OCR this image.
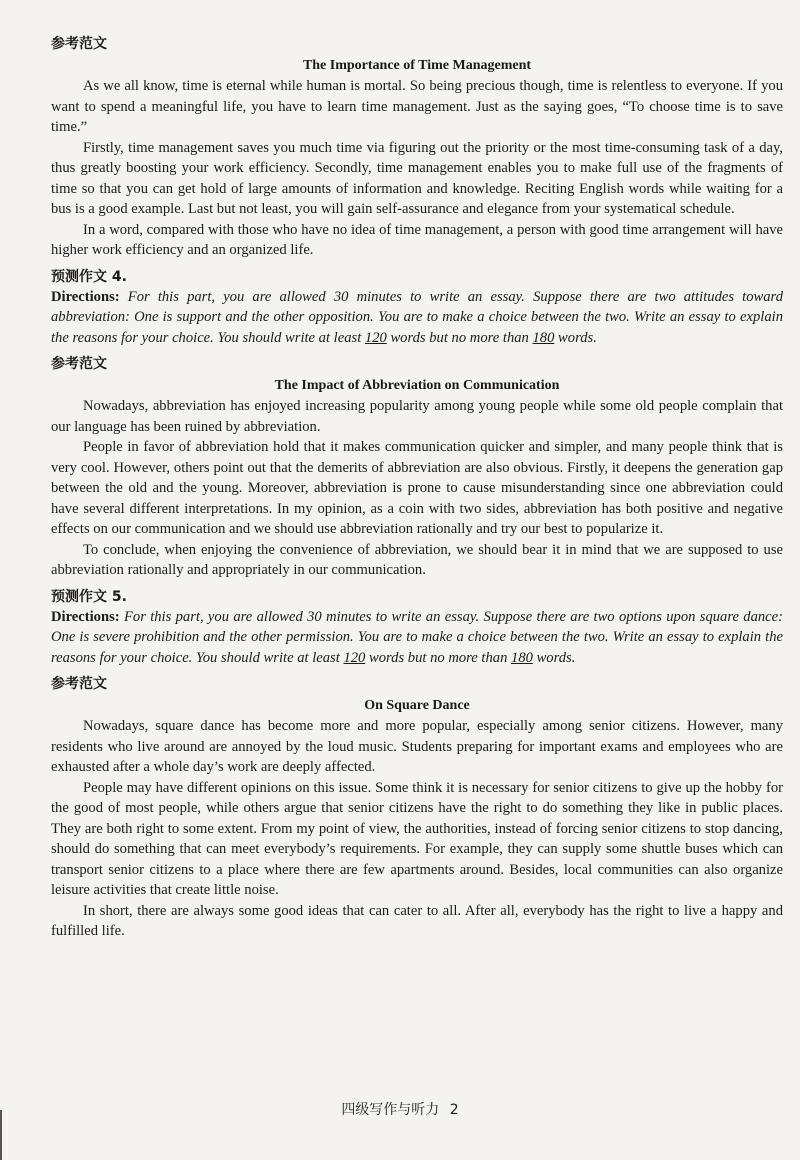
参考范文

The Importance of Time Management

As we all know, time is eternal while human is mortal. So being precious though, time is relentless to everyone. If you want to spend a meaningful life, you have to learn time management. Just as the saying goes, “To choose time is to save time.”

Firstly, time management saves you much time via figuring out the priority or the most time-consuming task of a day, thus greatly boosting your work efficiency. Secondly, time management enables you to make full use of the fragments of time so that you can get hold of large amounts of information and knowledge. Reciting English words while waiting for a bus is a good example. Last but not least, you will gain self-assurance and elegance from your systematical schedule.

In a word, compared with those who have no idea of time management, a person with good time arrangement will have higher work efficiency and an organized life.

预测作文 4.

Directions: For this part, you are allowed 30 minutes to write an essay. Suppose there are two attitudes toward abbreviation: One is support and the other opposition. You are to make a choice between the two. Write an essay to explain the reasons for your choice. You should write at least 120 words but no more than 180 words.

参考范文

The Impact of Abbreviation on Communication

Nowadays, abbreviation has enjoyed increasing popularity among young people while some old people complain that our language has been ruined by abbreviation.

People in favor of abbreviation hold that it makes communication quicker and simpler, and many people think that is very cool. However, others point out that the demerits of abbreviation are also obvious. Firstly, it deepens the generation gap between the old and the young. Moreover, abbreviation is prone to cause misunderstanding since one abbreviation could have several different interpretations. In my opinion, as a coin with two sides, abbreviation has both positive and negative effects on our communication and we should use abbreviation rationally and try our best to popularize it.

To conclude, when enjoying the convenience of abbreviation, we should bear it in mind that we are supposed to use abbreviation rationally and appropriately in our communication.

预测作文 5.

Directions: For this part, you are allowed 30 minutes to write an essay. Suppose there are two options upon square dance: One is severe prohibition and the other permission. You are to make a choice between the two. Write an essay to explain the reasons for your choice. You should write at least 120 words but no more than 180 words.

参考范文

On Square Dance

Nowadays, square dance has become more and more popular, especially among senior citizens. However, many residents who live around are annoyed by the loud music. Students preparing for important exams and employees who are exhausted after a whole day’s work are deeply affected.

People may have different opinions on this issue. Some think it is necessary for senior citizens to give up the hobby for the good of most people, while others argue that senior citizens have the right to do something they like in public places. They are both right to some extent. From my point of view, the authorities, instead of forcing senior citizens to stop dancing, should do something that can meet everybody’s requirements. For example, they can supply some shuttle buses which can transport senior citizens to a place where there are few apartments around. Besides, local communities can also organize leisure activities that create little noise.

In short, there are always some good ideas that can cater to all. After all, everybody has the right to live a happy and fulfilled life.

四级写作与听力 2
